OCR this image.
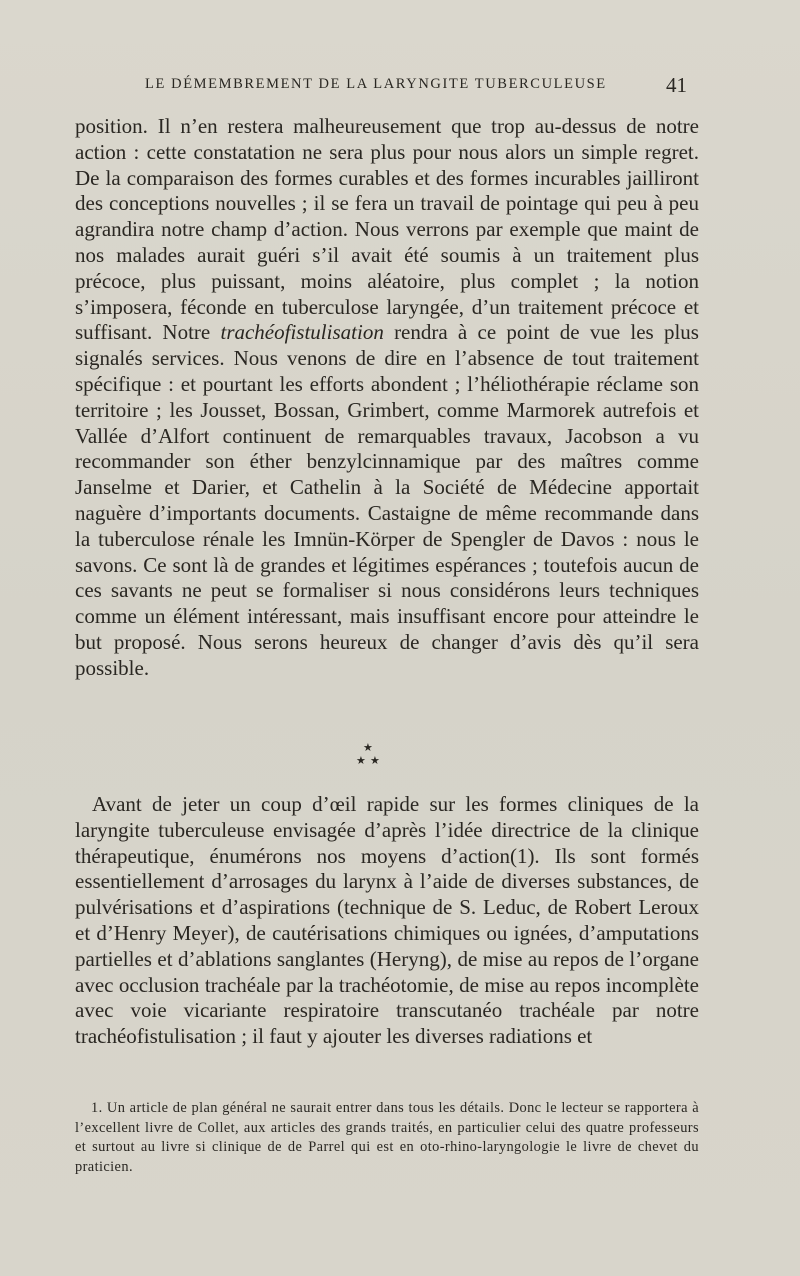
LE DÉMEMBREMENT DE LA LARYNGITE TUBERCULEUSE	41

position. Il n’en restera malheureusement que trop au-dessus de notre action : cette constatation ne sera plus pour nous alors un simple regret. De la comparaison des formes curables et des formes incurables jailliront des conceptions nouvelles ; il se fera un travail de pointage qui peu à peu agrandira notre champ d’action. Nous verrons par exemple que maint de nos malades aurait guéri s’il avait été soumis à un traitement plus précoce, plus puissant, moins aléatoire, plus complet ; la notion s’imposera, féconde en tuberculose laryngée, d’un traitement précoce et suffisant. Notre trachéofistulisation rendra à ce point de vue les plus signalés services. Nous venons de dire en l’absence de tout traitement spécifique : et pourtant les efforts abondent ; l’héliothérapie réclame son territoire ; les Jousset, Bossan, Grimbert, comme Marmorek autrefois et Vallée d’Alfort continuent de remarquables travaux, Jacobson a vu recommander son éther benzylcinnamique par des maîtres comme Janselme et Darier, et Cathelin à la Société de Médecine apportait naguère d’importants documents. Castaigne de même recommande dans la tuberculose rénale les Imnün-Körper de Spengler de Davos : nous le savons. Ce sont là de grandes et légitimes espérances ; toutefois aucun de ces savants ne peut se formaliser si nous considérons leurs techniques comme un élément intéressant, mais insuffisant encore pour atteindre le but proposé. Nous serons heureux de changer d’avis dès qu’il sera possible.

★
★ ★

Avant de jeter un coup d’œil rapide sur les formes cliniques de la laryngite tuberculeuse envisagée d’après l’idée directrice de la clinique thérapeutique, énumérons nos moyens d’action(1). Ils sont formés essentiellement d’arrosages du larynx à l’aide de diverses substances, de pulvérisations et d’aspirations (technique de S. Leduc, de Robert Leroux et d’Henry Meyer), de cautérisations chimiques ou ignées, d’amputations partielles et d’ablations sanglantes (Heryng), de mise au repos de l’organe avec occlusion trachéale par la trachéotomie, de mise au repos incomplète avec voie vicariante respiratoire transcutanéo trachéale par notre trachéofistulisation ; il faut y ajouter les diverses radiations et

1. Un article de plan général ne saurait entrer dans tous les détails. Donc le lecteur se rapportera à l’excellent livre de Collet, aux articles des grands traités, en particulier celui des quatre professeurs et surtout au livre si clinique de de Parrel qui est en oto-rhino-laryngologie le livre de chevet du praticien.
